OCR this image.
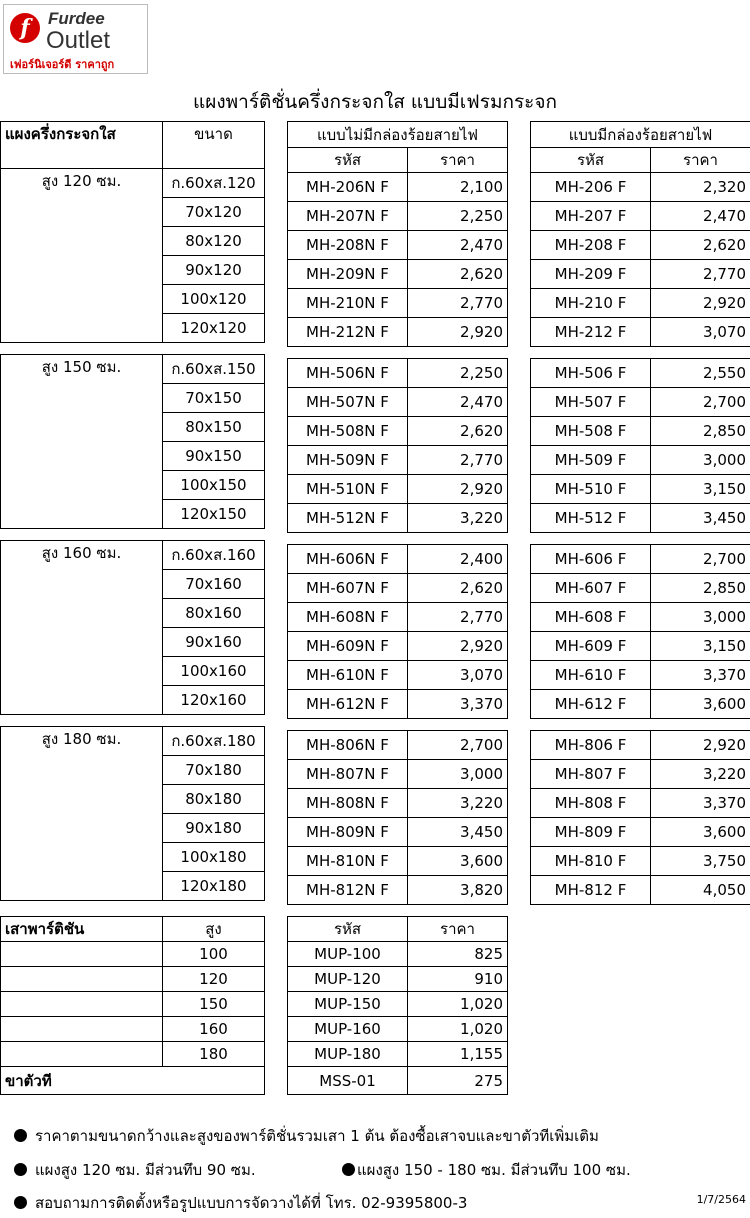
f	Furdee
Outlet
เฟอร์นิเจอร์ดี ราคาถูก
แผงพาร์ติชั่นครึ่งกระจกใส แบบมีเฟรมกระจก
แผงครึ่งกระจกใส	ขนาด

สูง 120 ซม.	ก.60xส.120
	70x120
	80x120
	90x120
	100x120
	120x120

สูง 150 ซม.	ก.60xส.150
	70x150
	80x150
	90x150
	100x150
	120x150

สูง 160 ซม.	ก.60xส.160
	70x160
	80x160
	90x160
	100x160
	120x160

สูง 180 ซม.	ก.60xส.180
	70x180
	80x180
	90x180
	100x180
	120x180
แบบไม่มีกล่องร้อยสายไฟ	
รหัส	ราคา
MH-206N F	2,100
MH-207N F	2,250
MH-208N F	2,470
MH-209N F	2,620
MH-210N F	2,770
MH-212N F	2,920

MH-506N F	2,250
MH-507N F	2,470
MH-508N F	2,620
MH-509N F	2,770
MH-510N F	2,920
MH-512N F	3,220

MH-606N F	2,400
MH-607N F	2,620
MH-608N F	2,770
MH-609N F	2,920
MH-610N F	3,070
MH-612N F	3,370

MH-806N F	2,700
MH-807N F	3,000
MH-808N F	3,220
MH-809N F	3,450
MH-810N F	3,600
MH-812N F	3,820
แบบมีกล่องร้อยสายไฟ	
รหัส	ราคา
MH-206 F	2,320
MH-207 F	2,470
MH-208 F	2,620
MH-209 F	2,770
MH-210 F	2,920
MH-212 F	3,070

MH-506 F	2,550
MH-507 F	2,700
MH-508 F	2,850
MH-509 F	3,000
MH-510 F	3,150
MH-512 F	3,450

MH-606 F	2,700
MH-607 F	2,850
MH-608 F	3,000
MH-609 F	3,150
MH-610 F	3,370
MH-612 F	3,600

MH-806 F	2,920
MH-807 F	3,220
MH-808 F	3,370
MH-809 F	3,600
MH-810 F	3,750
MH-812 F	4,050
เสาพาร์ติชัน	สูง
	100
	120
	150
	160
	180
ขาตัวที	
รหัส	ราคา
MUP-100	825
MUP-120	910
MUP-150	1,020
MUP-160	1,020
MUP-180	1,155
MSS-01	275
ราคาตามขนาดกว้างและสูงของพาร์ติชั่นรวมเสา 1 ต้น ต้องซื้อเสาจบและขาตัวทีเพิ่มเติม
แผงสูง 120 ซม. มีส่วนทึบ 90 ซม.	แผงสูง 150 - 180 ซม. มีส่วนทึบ 100 ซม.
สอบถามการติดตั้งหรือรูปแบบการจัดวางได้ที่ โทร. 02-9395800-3	1/7/2564
